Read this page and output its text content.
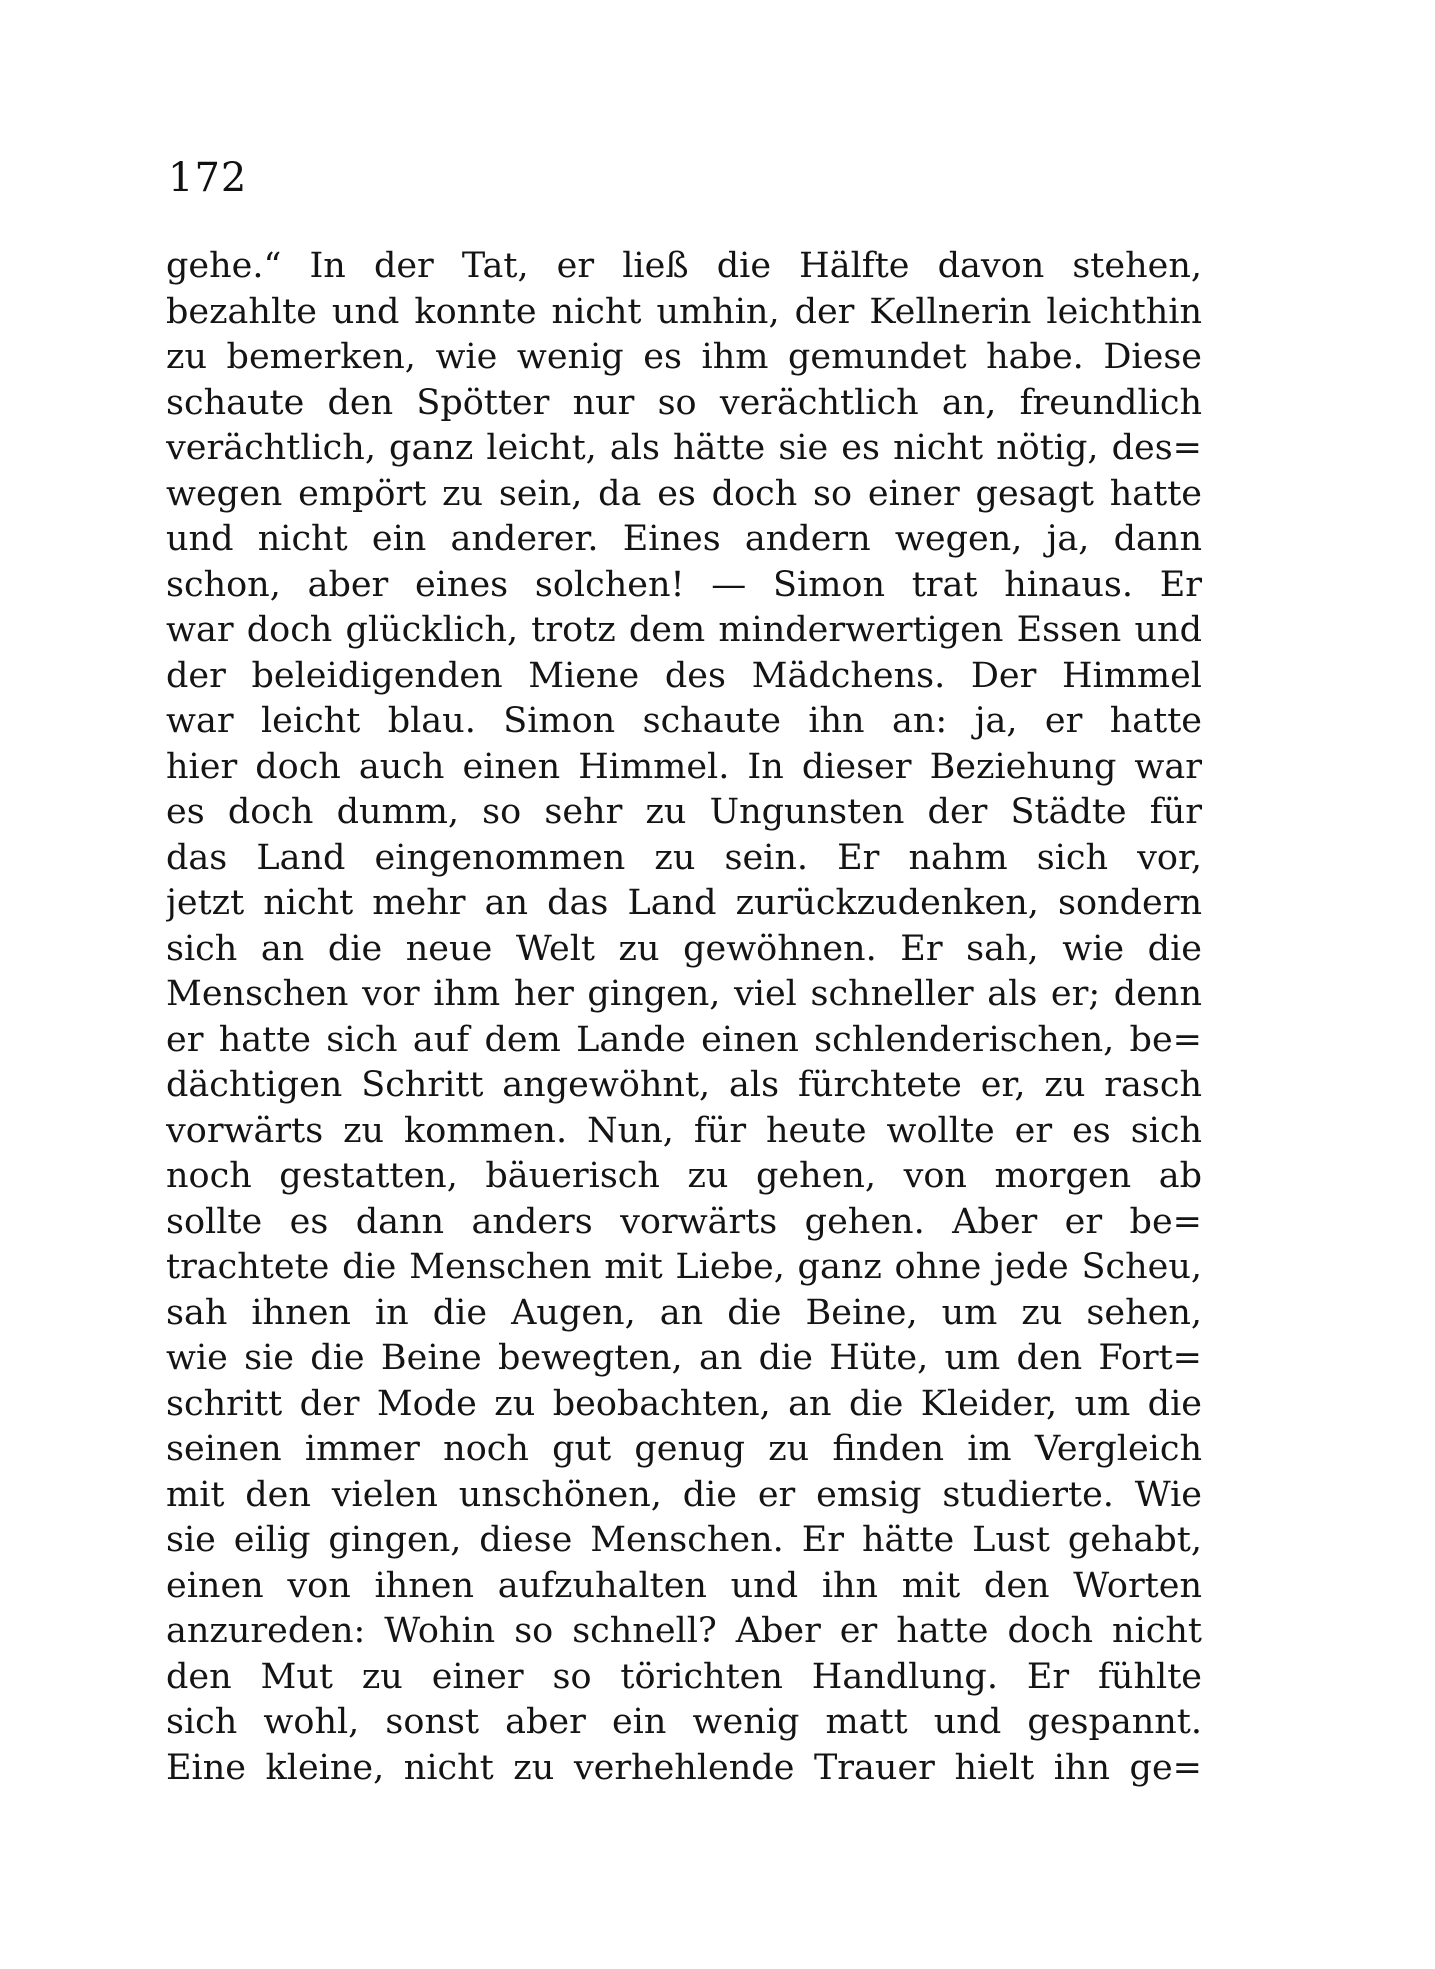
172
gehe.“ In der Tat, er ließ die Hälfte davon stehen,
bezahlte und konnte nicht umhin, der Kellnerin leichthin
zu bemerken, wie wenig es ihm gemundet habe. Diese
schaute den Spötter nur so verächtlich an, freundlich
verächtlich, ganz leicht, als hätte sie es nicht nötig, des=
wegen empört zu sein, da es doch so einer gesagt hatte
und nicht ein anderer. Eines andern wegen, ja, dann
schon, aber eines solchen! — Simon trat hinaus. Er
war doch glücklich, trotz dem minderwertigen Essen und
der beleidigenden Miene des Mädchens. Der Himmel
war leicht blau. Simon schaute ihn an: ja, er hatte
hier doch auch einen Himmel. In dieser Beziehung war
es doch dumm, so sehr zu Ungunsten der Städte für
das Land eingenommen zu sein. Er nahm sich vor,
jetzt nicht mehr an das Land zurückzudenken, sondern
sich an die neue Welt zu gewöhnen. Er sah, wie die
Menschen vor ihm her gingen, viel schneller als er; denn
er hatte sich auf dem Lande einen schlenderischen, be=
dächtigen Schritt angewöhnt, als fürchtete er, zu rasch
vorwärts zu kommen. Nun, für heute wollte er es sich
noch gestatten, bäuerisch zu gehen, von morgen ab
sollte es dann anders vorwärts gehen. Aber er be=
trachtete die Menschen mit Liebe, ganz ohne jede Scheu,
sah ihnen in die Augen, an die Beine, um zu sehen,
wie sie die Beine bewegten, an die Hüte, um den Fort=
schritt der Mode zu beobachten, an die Kleider, um die
seinen immer noch gut genug zu finden im Vergleich
mit den vielen unschönen, die er emsig studierte. Wie
sie eilig gingen, diese Menschen. Er hätte Lust gehabt,
einen von ihnen aufzuhalten und ihn mit den Worten
anzureden: Wohin so schnell? Aber er hatte doch nicht
den Mut zu einer so törichten Handlung. Er fühlte
sich wohl, sonst aber ein wenig matt und gespannt.
Eine kleine, nicht zu verhehlende Trauer hielt ihn ge=
